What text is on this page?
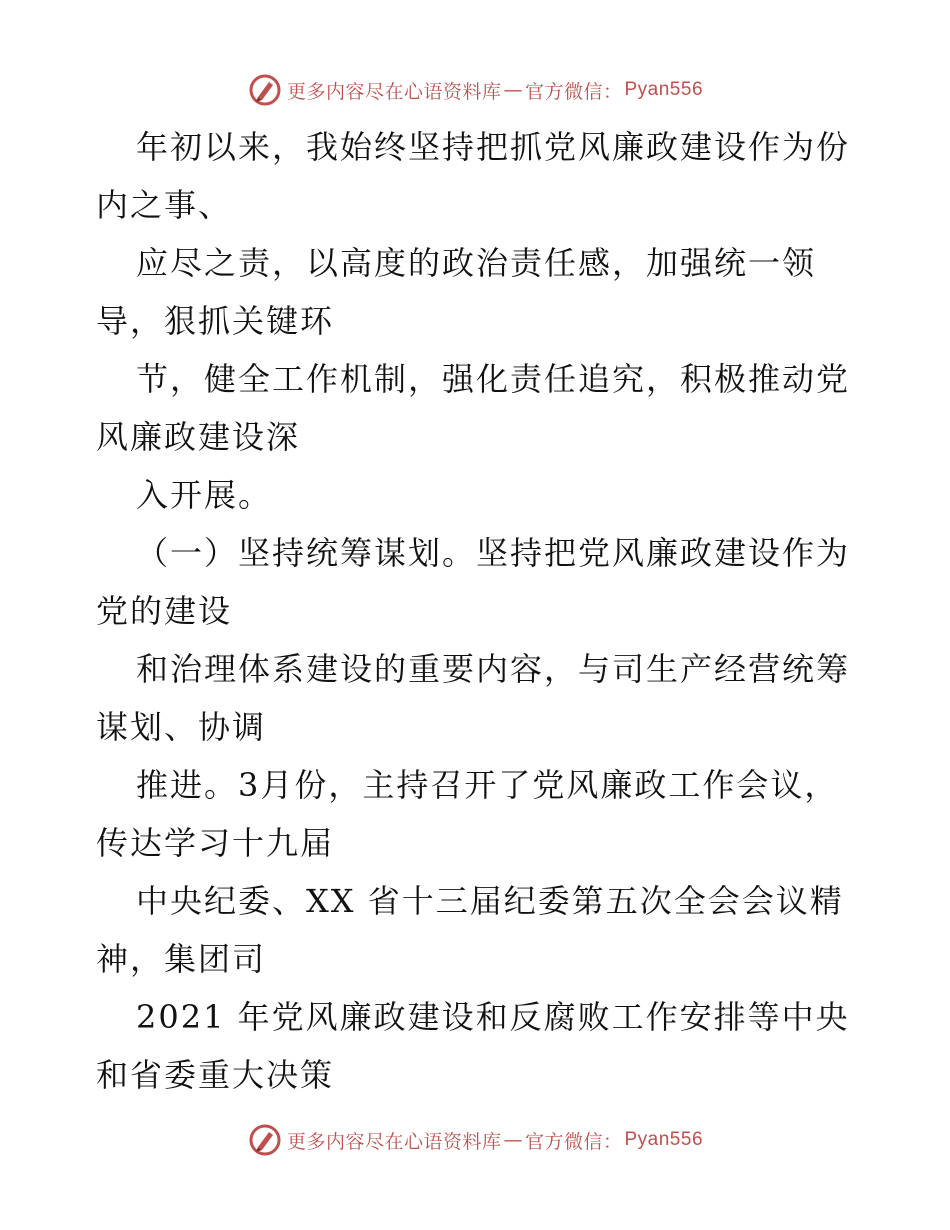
更多内容尽在心语资料库 — 官方微信： Pyan556
年初以来，我始终坚持把抓党风廉政建设作为份
内之事、
应尽之责，以高度的政治责任感，加强统一领
导，狠抓关键环
节，健全工作机制，强化责任追究，积极推动党
风廉政建设深
入开展。
（一）坚持统筹谋划。坚持把党风廉政建设作为
党的建设
和治理体系建设的重要内容，与司生产经营统筹
谋划、协调
推进。3月份，主持召开了党风廉政工作会议，
传达学习十九届
中央纪委、XX 省十三届纪委第五次全会会议精
神，集团司
2021 年党风廉政建设和反腐败工作安排等中央
和省委重大决策
更多内容尽在心语资料库 — 官方微信： Pyan556
